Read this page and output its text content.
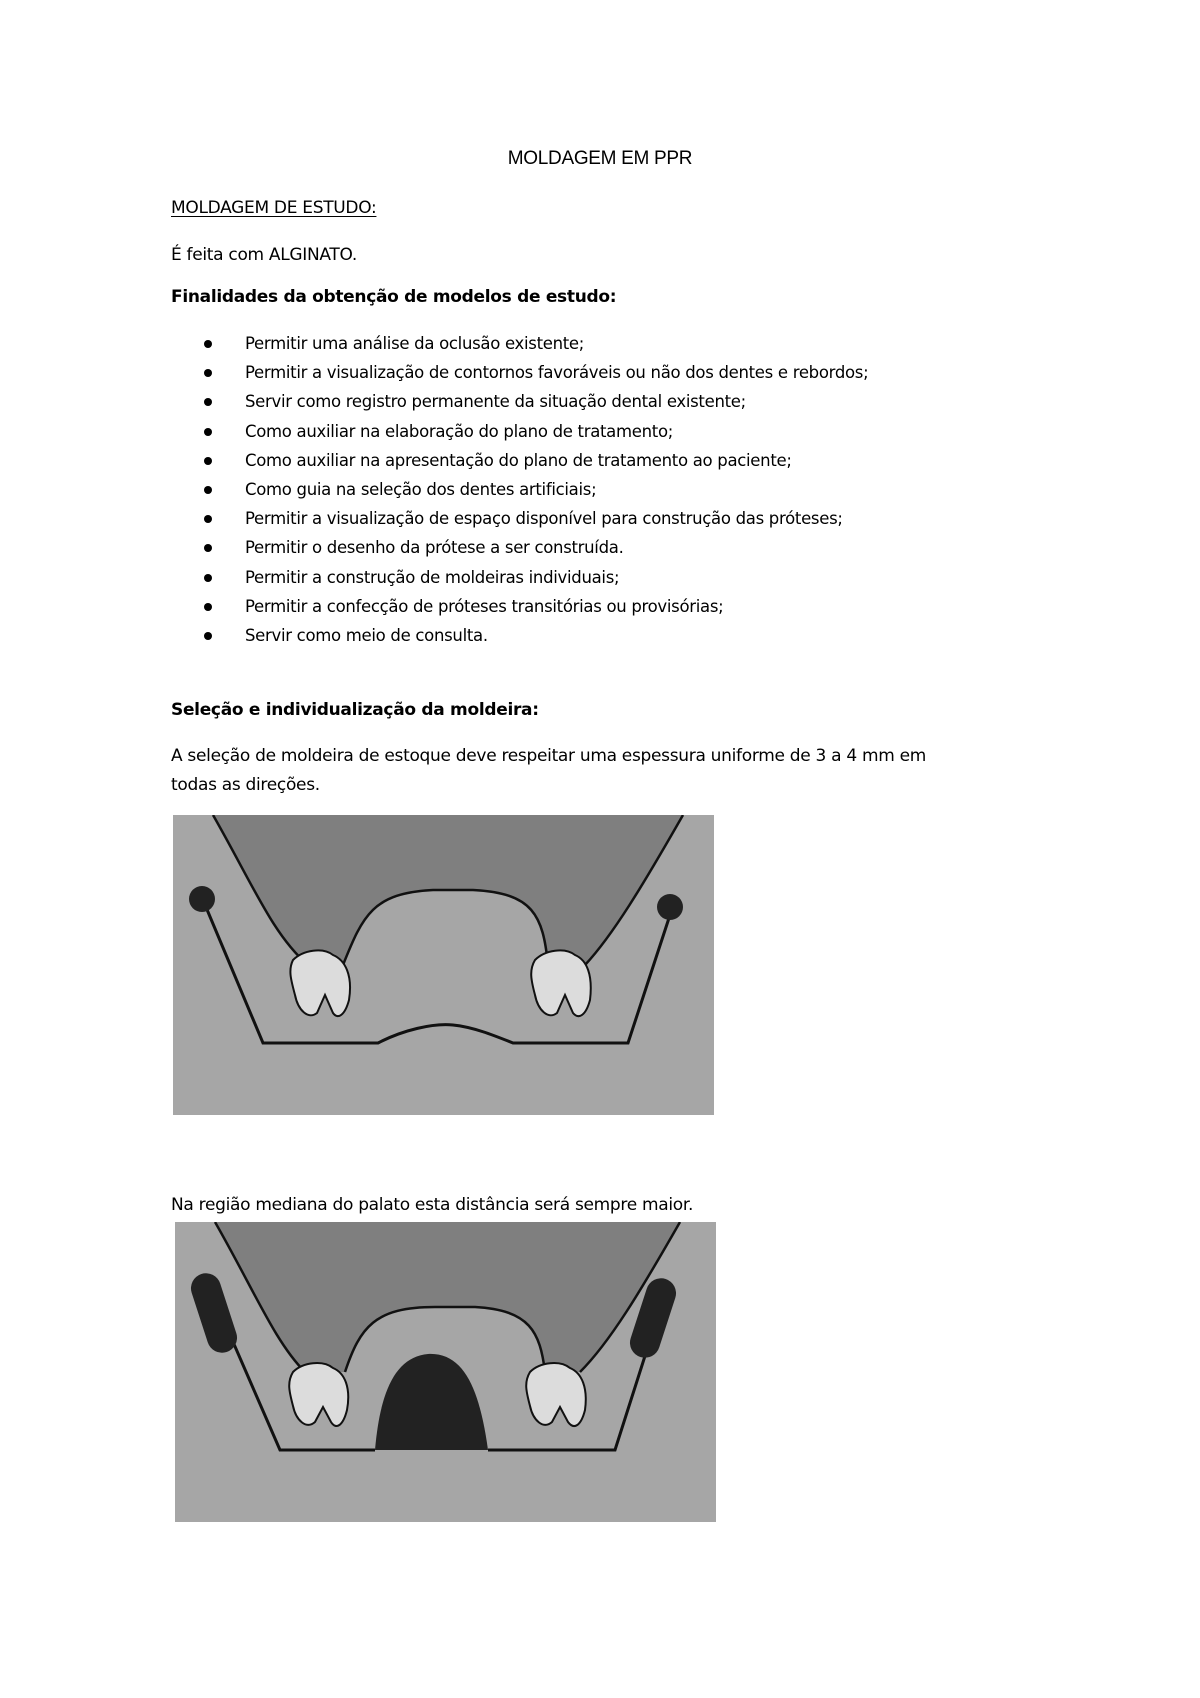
MOLDAGEM EM PPR
MOLDAGEM DE ESTUDO:
É feita com ALGINATO.
Finalidades da obtenção de modelos de estudo:
Permitir uma análise da oclusão existente;
Permitir a visualização de contornos favoráveis ou não dos dentes e rebordos;
Servir como registro permanente da situação dental existente;
Como auxiliar na elaboração do plano de tratamento;
Como auxiliar na apresentação do plano de tratamento ao paciente;
Como guia na seleção dos dentes artificiais;
Permitir a visualização de espaço disponível para construção das próteses;
Permitir o desenho da prótese a ser construída.
Permitir a construção de moldeiras individuais;
Permitir a confecção de próteses transitórias ou provisórias;
Servir como meio de consulta.
Seleção e individualização da moldeira:
A seleção de moldeira de estoque deve respeitar uma espessura uniforme de 3 a 4 mm em
todas as direções.
Na região mediana do palato esta distância será sempre maior.
